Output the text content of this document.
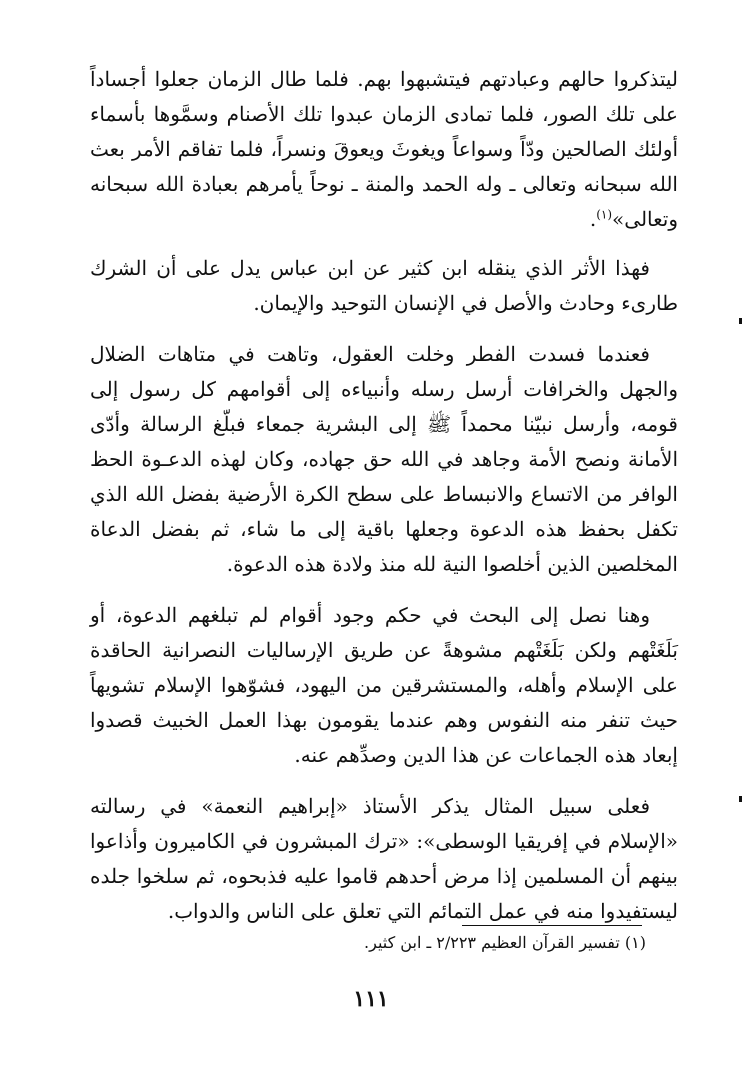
ليتذكروا حالهم وعبادتهم فيتشبهوا بهم. فلما طال الزمان جعلوا أجساداً على تلك الصور، فلما تمادى الزمان عبدوا تلك الأصنام وسمَّوها بأسماء أولئك الصالحين ودّاً وسواعاً ويغوثَ ويعوقَ ونسراً، فلما تفاقم الأمر بعث الله سبحانه وتعالى ـ وله الحمد والمنة ـ نوحاً يأمرهم بعبادة الله سبحانه وتعالى»$^{(١)}$.

فهذا الأثر الذي ينقله ابن كثير عن ابن عباس يدل على أن الشرك طارىء وحادث والأصل في الإنسان التوحيد والإيمان.

فعندما فسدت الفطر وخلت العقول، وتاهت في متاهات الضلال والجهل والخرافات أرسل رسله وأنبياءه إلى أقوامهم كل رسول إلى قومه، وأرسل نبيّنا محمداً ﷺ إلى البشرية جمعاء فبلّغ الرسالة وأدّى الأمانة ونصح الأمة وجاهد في الله حق جهاده، وكان لهذه الدعـوة الحظ الوافر من الاتساع والانبساط على سطح الكرة الأرضية بفضل الله الذي تكفل بحفظ هذه الدعوة وجعلها باقية إلى ما شاء، ثم بفضل الدعاة المخلصين الذين أخلصوا النية لله منذ ولادة هذه الدعوة.

وهنا نصل إلى البحث في حكم وجود أقوام لم تبلغهم الدعوة، أو بَلَغَتْهم ولكن بَلَغَتْهم مشوهةً عن طريق الإرساليات النصرانية الحاقدة على الإسلام وأهله، والمستشرقين من اليهود، فشوّهوا الإسلام تشويهاً حيث تنفر منه النفوس وهم عندما يقومون بهذا العمل الخبيث قصدوا إبعاد هذه الجماعات عن هذا الدين وصدِّهم عنه.

فعلى سبيل المثال يذكر الأستاذ «إبراهيم النعمة» في رسالته «الإسلام في إفريقيا الوسطى»: «ترك المبشرون في الكاميرون وأذاعوا بينهم أن المسلمين إذا مرض أحدهم قاموا عليه فذبحوه، ثم سلخوا جلده ليستفيدوا منه في عمل التمائم التي تعلق على الناس والدواب.

(١) تفسير القرآن العظيم ٢/٢٢٣ ـ ابن كثير.
١١١
